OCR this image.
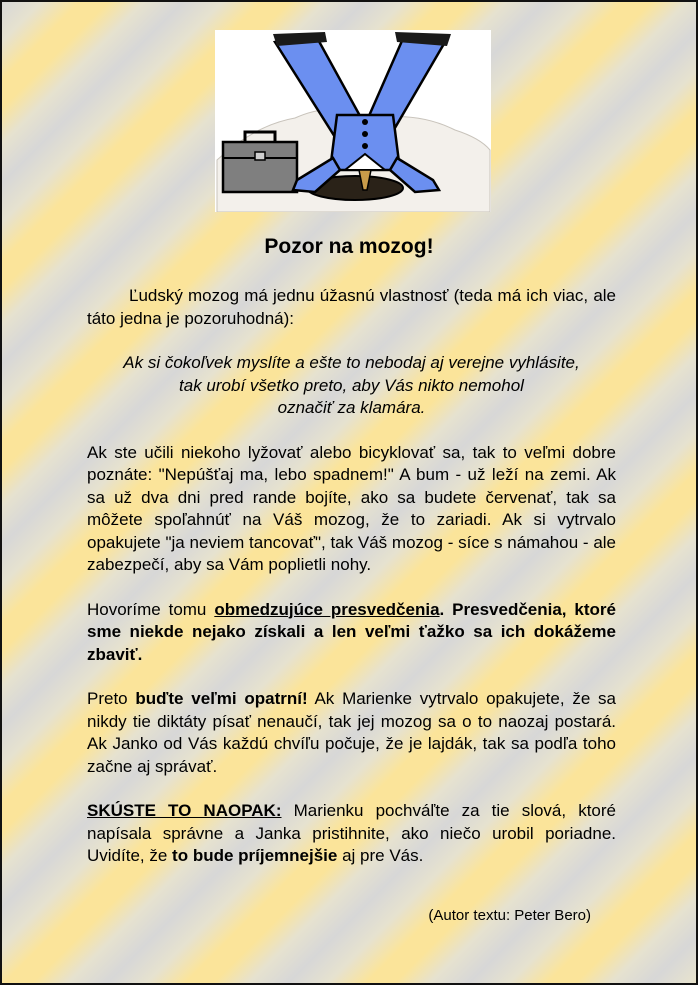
Pozor na mozog!

Ľudský mozog má jednu úžasnú vlastnosť (teda má ich viac, ale táto jedna je pozoruhodná):

Ak si čokoľvek myslíte a ešte to nebodaj aj verejne vyhlásite,
tak urobí všetko preto, aby Vás nikto nemohol
označiť za klamára.

Ak ste učili niekoho lyžovať alebo bicyklovať sa, tak to veľmi dobre poznáte: "Nepúšťaj ma, lebo spadnem!" A bum - už leží na zemi. Ak sa už dva dni pred rande bojíte, ako sa budete červenať, tak sa môžete spoľahnúť na Váš mozog, že to zariadi. Ak si vytrvalo opakujete "ja neviem tancovať", tak Váš mozog - síce s námahou - ale zabezpečí, aby sa Vám poplietli nohy.

Hovoríme tomu obmedzujúce presvedčenia. Presvedčenia, ktoré sme niekde nejako získali a len veľmi ťažko sa ich dokážeme zbaviť.

Preto buďte veľmi opatrní! Ak Marienke vytrvalo opakujete, že sa nikdy tie diktáty písať nenaučí, tak jej mozog sa o to naozaj postará. Ak Janko od Vás každú chvíľu počuje, že je lajdák, tak sa podľa toho začne aj správať.

SKÚSTE TO NAOPAK: Marienku pochváľte za tie slová, ktoré napísala správne a Janka pristihnite, ako niečo urobil poriadne. Uvidíte, že to bude príjemnejšie aj pre Vás.

(Autor textu: Peter Bero)
